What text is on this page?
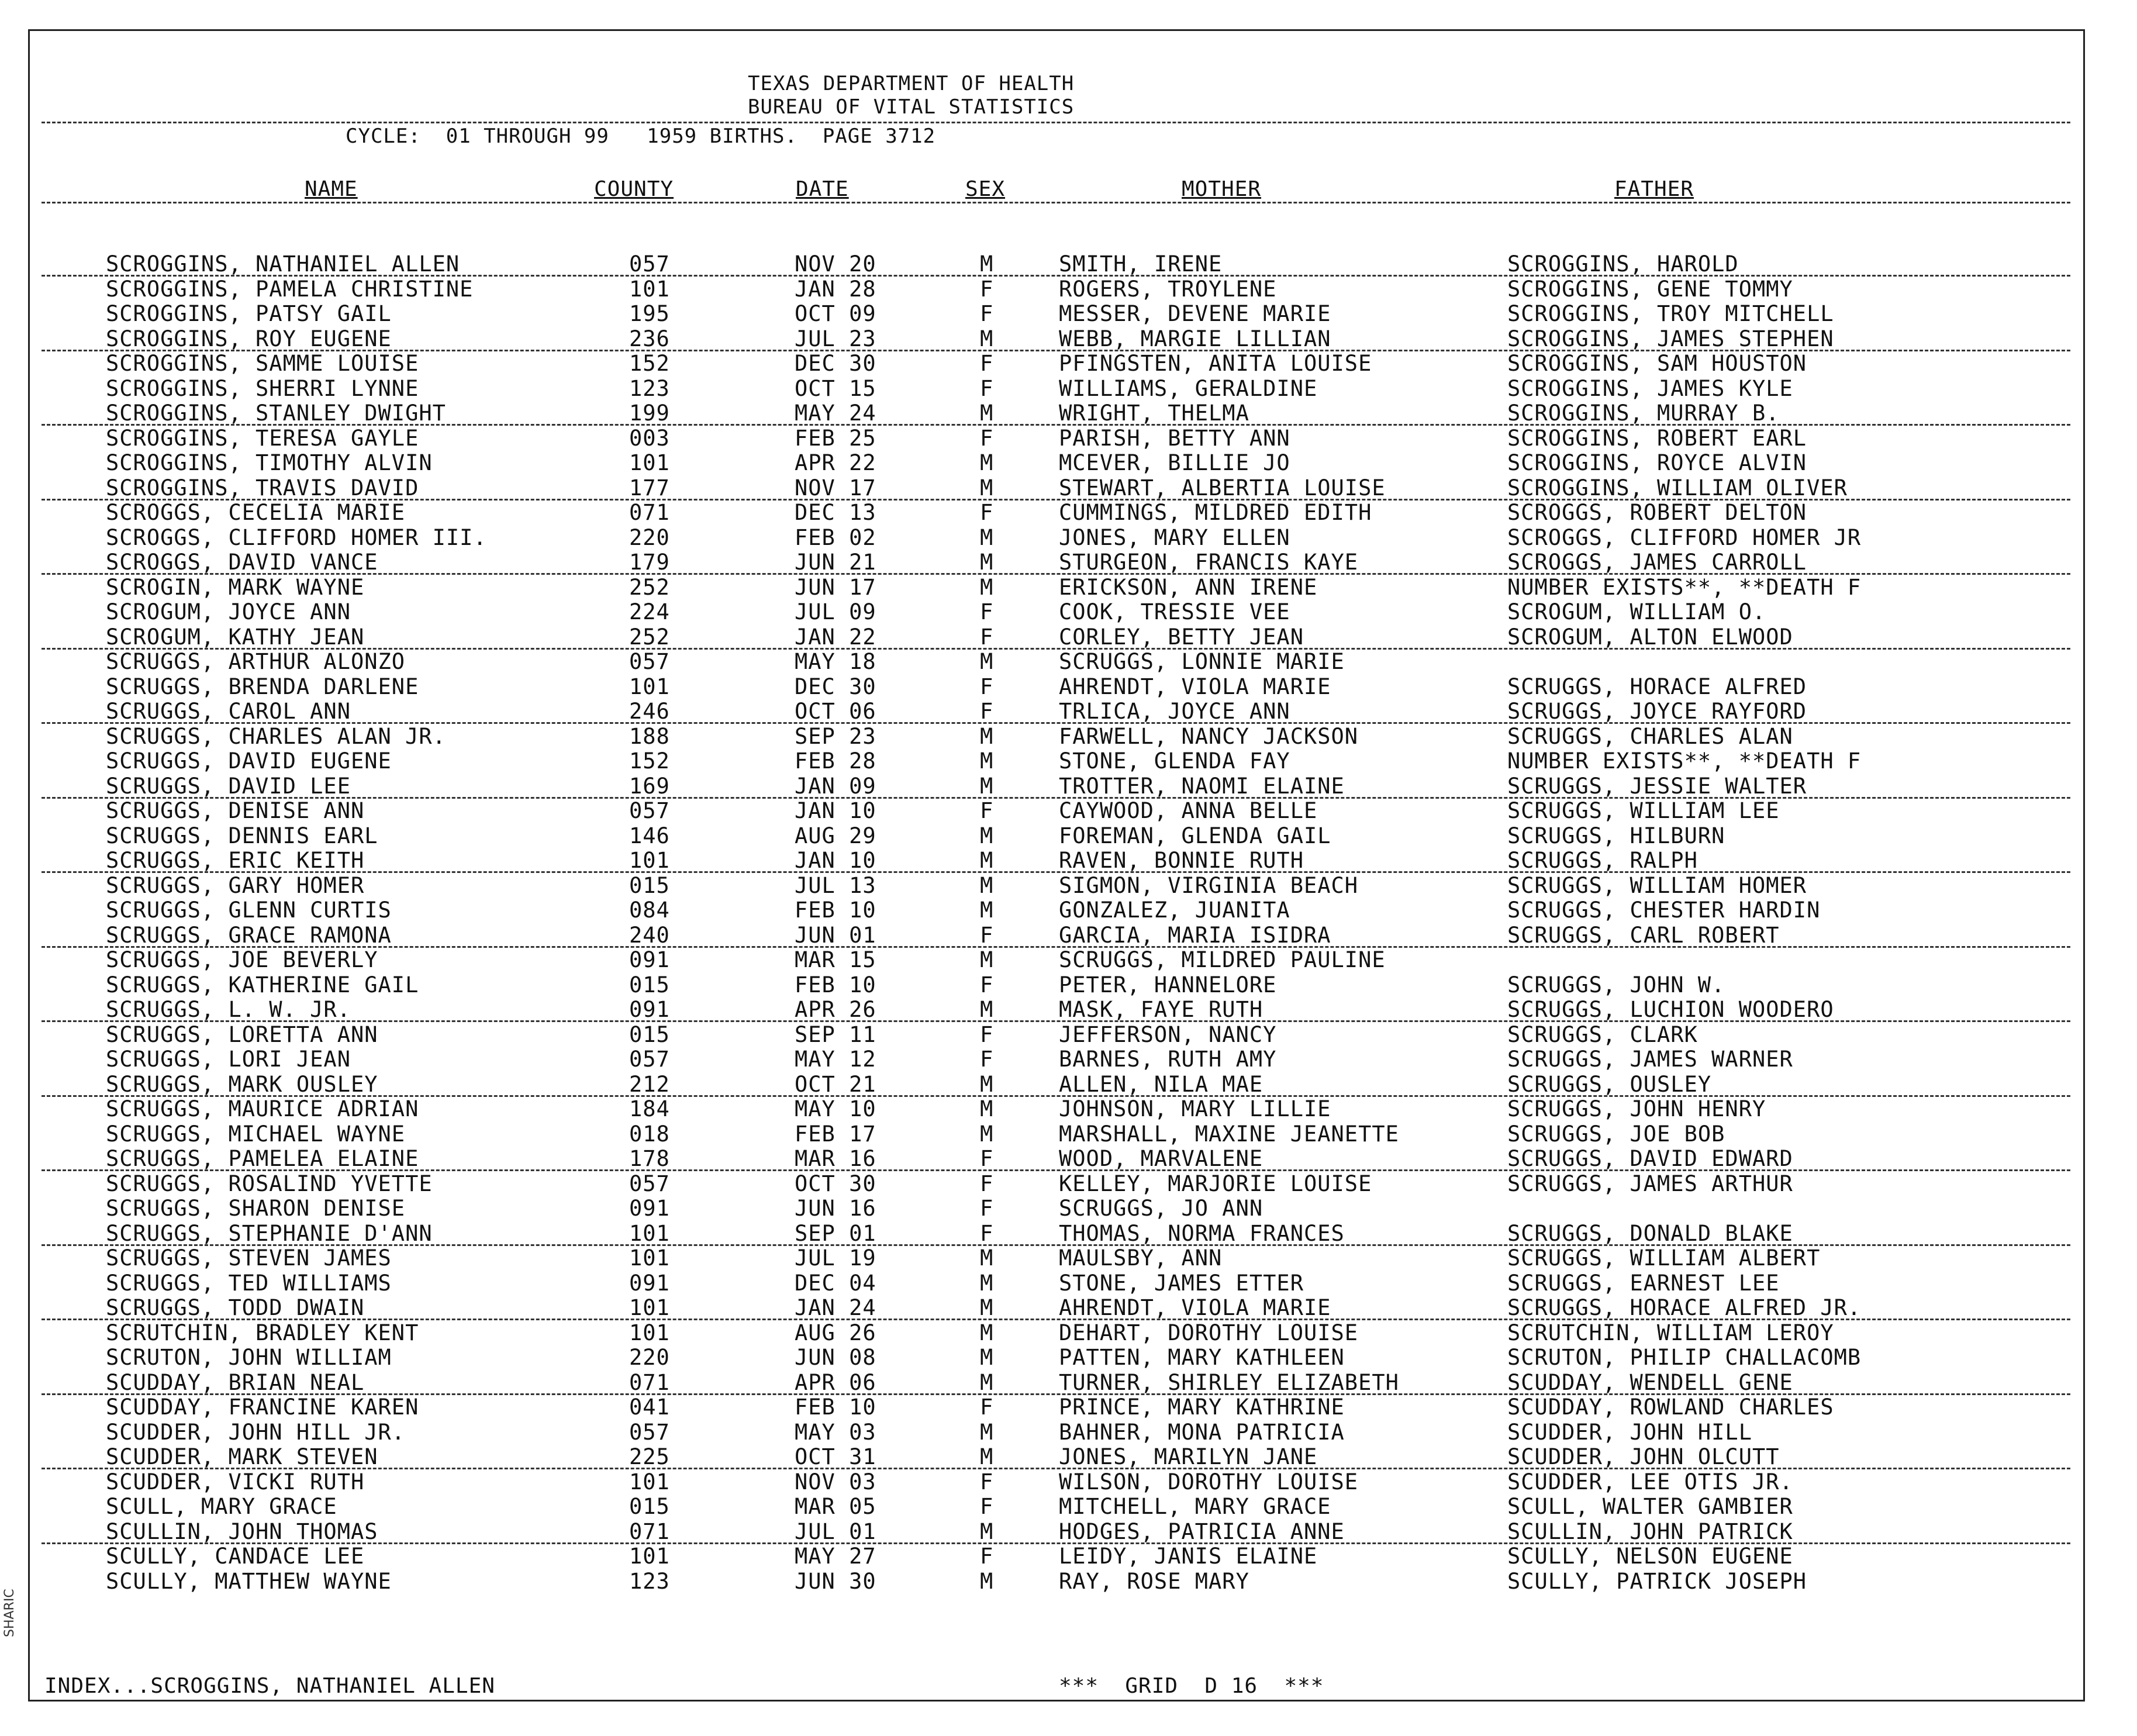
TEXAS DEPARTMENT OF HEALTH
BUREAU OF VITAL STATISTICS
CYCLE:  01 THROUGH 99   1959 BIRTHS.  PAGE 3712
NAME	COUNTY	DATE	SEX	MOTHER	FATHER
SCROGGINS, NATHANIEL ALLEN	057	NOV 20	M	SMITH, IRENE	SCROGGINS, HAROLD
SCROGGINS, PAMELA CHRISTINE	101	JAN 28	F	ROGERS, TROYLENE	SCROGGINS, GENE TOMMY
SCROGGINS, PATSY GAIL	195	OCT 09	F	MESSER, DEVENE MARIE	SCROGGINS, TROY MITCHELL
SCROGGINS, ROY EUGENE	236	JUL 23	M	WEBB, MARGIE LILLIAN	SCROGGINS, JAMES STEPHEN
SCROGGINS, SAMME LOUISE	152	DEC 30	F	PFINGSTEN, ANITA LOUISE	SCROGGINS, SAM HOUSTON
SCROGGINS, SHERRI LYNNE	123	OCT 15	F	WILLIAMS, GERALDINE	SCROGGINS, JAMES KYLE
SCROGGINS, STANLEY DWIGHT	199	MAY 24	M	WRIGHT, THELMA	SCROGGINS, MURRAY B.
SCROGGINS, TERESA GAYLE	003	FEB 25	F	PARISH, BETTY ANN	SCROGGINS, ROBERT EARL
SCROGGINS, TIMOTHY ALVIN	101	APR 22	M	MCEVER, BILLIE JO	SCROGGINS, ROYCE ALVIN
SCROGGINS, TRAVIS DAVID	177	NOV 17	M	STEWART, ALBERTIA LOUISE	SCROGGINS, WILLIAM OLIVER
SCROGGS, CECELIA MARIE	071	DEC 13	F	CUMMINGS, MILDRED EDITH	SCROGGS, ROBERT DELTON
SCROGGS, CLIFFORD HOMER III.	220	FEB 02	M	JONES, MARY ELLEN	SCROGGS, CLIFFORD HOMER JR
SCROGGS, DAVID VANCE	179	JUN 21	M	STURGEON, FRANCIS KAYE	SCROGGS, JAMES CARROLL
SCROGIN, MARK WAYNE	252	JUN 17	M	ERICKSON, ANN IRENE	NUMBER EXISTS**, **DEATH F
SCROGUM, JOYCE ANN	224	JUL 09	F	COOK, TRESSIE VEE	SCROGUM, WILLIAM O.
SCROGUM, KATHY JEAN	252	JAN 22	F	CORLEY, BETTY JEAN	SCROGUM, ALTON ELWOOD
SCRUGGS, ARTHUR ALONZO	057	MAY 18	M	SCRUGGS, LONNIE MARIE
SCRUGGS, BRENDA DARLENE	101	DEC 30	F	AHRENDT, VIOLA MARIE	SCRUGGS, HORACE ALFRED
SCRUGGS, CAROL ANN	246	OCT 06	F	TRLICA, JOYCE ANN	SCRUGGS, JOYCE RAYFORD
SCRUGGS, CHARLES ALAN JR.	188	SEP 23	M	FARWELL, NANCY JACKSON	SCRUGGS, CHARLES ALAN
SCRUGGS, DAVID EUGENE	152	FEB 28	M	STONE, GLENDA FAY	NUMBER EXISTS**, **DEATH F
SCRUGGS, DAVID LEE	169	JAN 09	M	TROTTER, NAOMI ELAINE	SCRUGGS, JESSIE WALTER
SCRUGGS, DENISE ANN	057	JAN 10	F	CAYWOOD, ANNA BELLE	SCRUGGS, WILLIAM LEE
SCRUGGS, DENNIS EARL	146	AUG 29	M	FOREMAN, GLENDA GAIL	SCRUGGS, HILBURN
SCRUGGS, ERIC KEITH	101	JAN 10	M	RAVEN, BONNIE RUTH	SCRUGGS, RALPH
SCRUGGS, GARY HOMER	015	JUL 13	M	SIGMON, VIRGINIA BEACH	SCRUGGS, WILLIAM HOMER
SCRUGGS, GLENN CURTIS	084	FEB 10	M	GONZALEZ, JUANITA	SCRUGGS, CHESTER HARDIN
SCRUGGS, GRACE RAMONA	240	JUN 01	F	GARCIA, MARIA ISIDRA	SCRUGGS, CARL ROBERT
SCRUGGS, JOE BEVERLY	091	MAR 15	M	SCRUGGS, MILDRED PAULINE
SCRUGGS, KATHERINE GAIL	015	FEB 10	F	PETER, HANNELORE	SCRUGGS, JOHN W.
SCRUGGS, L. W. JR.	091	APR 26	M	MASK, FAYE RUTH	SCRUGGS, LUCHION WOODERO
SCRUGGS, LORETTA ANN	015	SEP 11	F	JEFFERSON, NANCY	SCRUGGS, CLARK
SCRUGGS, LORI JEAN	057	MAY 12	F	BARNES, RUTH AMY	SCRUGGS, JAMES WARNER
SCRUGGS, MARK OUSLEY	212	OCT 21	M	ALLEN, NILA MAE	SCRUGGS, OUSLEY
SCRUGGS, MAURICE ADRIAN	184	MAY 10	M	JOHNSON, MARY LILLIE	SCRUGGS, JOHN HENRY
SCRUGGS, MICHAEL WAYNE	018	FEB 17	M	MARSHALL, MAXINE JEANETTE	SCRUGGS, JOE BOB
SCRUGGS, PAMELEA ELAINE	178	MAR 16	F	WOOD, MARVALENE	SCRUGGS, DAVID EDWARD
SCRUGGS, ROSALIND YVETTE	057	OCT 30	F	KELLEY, MARJORIE LOUISE	SCRUGGS, JAMES ARTHUR
SCRUGGS, SHARON DENISE	091	JUN 16	F	SCRUGGS, JO ANN
SCRUGGS, STEPHANIE D'ANN	101	SEP 01	F	THOMAS, NORMA FRANCES	SCRUGGS, DONALD BLAKE
SCRUGGS, STEVEN JAMES	101	JUL 19	M	MAULSBY, ANN	SCRUGGS, WILLIAM ALBERT
SCRUGGS, TED WILLIAMS	091	DEC 04	M	STONE, JAMES ETTER	SCRUGGS, EARNEST LEE
SCRUGGS, TODD DWAIN	101	JAN 24	M	AHRENDT, VIOLA MARIE	SCRUGGS, HORACE ALFRED JR.
SCRUTCHIN, BRADLEY KENT	101	AUG 26	M	DEHART, DOROTHY LOUISE	SCRUTCHIN, WILLIAM LEROY
SCRUTON, JOHN WILLIAM	220	JUN 08	M	PATTEN, MARY KATHLEEN	SCRUTON, PHILIP CHALLACOMB
SCUDDAY, BRIAN NEAL	071	APR 06	M	TURNER, SHIRLEY ELIZABETH	SCUDDAY, WENDELL GENE
SCUDDAY, FRANCINE KAREN	041	FEB 10	F	PRINCE, MARY KATHRINE	SCUDDAY, ROWLAND CHARLES
SCUDDER, JOHN HILL JR.	057	MAY 03	M	BAHNER, MONA PATRICIA	SCUDDER, JOHN HILL
SCUDDER, MARK STEVEN	225	OCT 31	M	JONES, MARILYN JANE	SCUDDER, JOHN OLCUTT
SCUDDER, VICKI RUTH	101	NOV 03	F	WILSON, DOROTHY LOUISE	SCUDDER, LEE OTIS JR.
SCULL, MARY GRACE	015	MAR 05	F	MITCHELL, MARY GRACE	SCULL, WALTER GAMBIER
SCULLIN, JOHN THOMAS	071	JUL 01	M	HODGES, PATRICIA ANNE	SCULLIN, JOHN PATRICK
SCULLY, CANDACE LEE	101	MAY 27	F	LEIDY, JANIS ELAINE	SCULLY, NELSON EUGENE
SCULLY, MATTHEW WAYNE	123	JUN 30	M	RAY, ROSE MARY	SCULLY, PATRICK JOSEPH
INDEX...SCROGGINS, NATHANIEL ALLEN	***  GRID  D 16  ***
SHARIC
